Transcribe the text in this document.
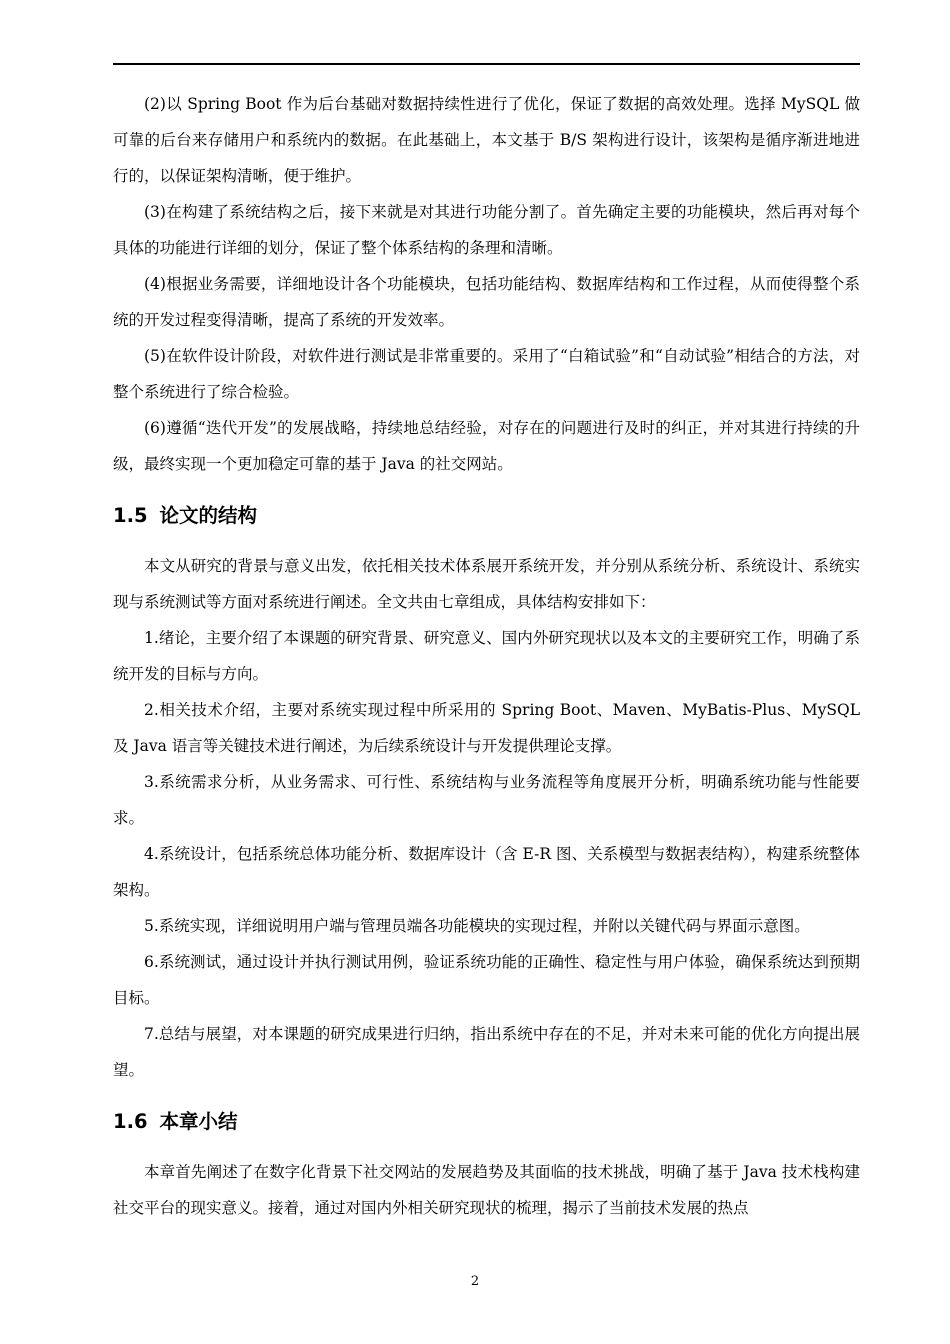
(2)以 Spring Boot 作为后台基础对数据持续性进行了优化，保证了数据的高效处理。选择 MySQL 做可靠的后台来存储用户和系统内的数据。在此基础上，本文基于 B/S 架构进行设计，该架构是循序渐进地进行的，以保证架构清晰，便于维护。

(3)在构建了系统结构之后，接下来就是对其进行功能分割了。首先确定主要的功能模块，然后再对每个具体的功能进行详细的划分，保证了整个体系结构的条理和清晰。

(4)根据业务需要，详细地设计各个功能模块，包括功能结构、数据库结构和工作过程，从而使得整个系统的开发过程变得清晰，提高了系统的开发效率。

(5)在软件设计阶段，对软件进行测试是非常重要的。采用了“白箱试验”和“自动试验”相结合的方法，对整个系统进行了综合检验。

(6)遵循“迭代开发”的发展战略，持续地总结经验，对存在的问题进行及时的纠正，并对其进行持续的升级，最终实现一个更加稳定可靠的基于 Java 的社交网站。

1.5 论文的结构

本文从研究的背景与意义出发，依托相关技术体系展开系统开发，并分别从系统分析、系统设计、系统实现与系统测试等方面对系统进行阐述。全文共由七章组成，具体结构安排如下：

1.绪论，主要介绍了本课题的研究背景、研究意义、国内外研究现状以及本文的主要研究工作，明确了系统开发的目标与方向。

2.相关技术介绍，主要对系统实现过程中所采用的 Spring Boot、Maven、MyBatis-Plus、MySQL 及 Java 语言等关键技术进行阐述，为后续系统设计与开发提供理论支撑。

3.系统需求分析，从业务需求、可行性、系统结构与业务流程等角度展开分析，明确系统功能与性能要求。

4.系统设计，包括系统总体功能分析、数据库设计（含 E-R 图、关系模型与数据表结构），构建系统整体架构。

5.系统实现，详细说明用户端与管理员端各功能模块的实现过程，并附以关键代码与界面示意图。

6.系统测试，通过设计并执行测试用例，验证系统功能的正确性、稳定性与用户体验，确保系统达到预期目标。

7.总结与展望，对本课题的研究成果进行归纳，指出系统中存在的不足，并对未来可能的优化方向提出展望。

1.6 本章小结

本章首先阐述了在数字化背景下社交网站的发展趋势及其面临的技术挑战，明确了基于 Java 技术栈构建社交平台的现实意义。接着，通过对国内外相关研究现状的梳理，揭示了当前技术发展的热点

2
